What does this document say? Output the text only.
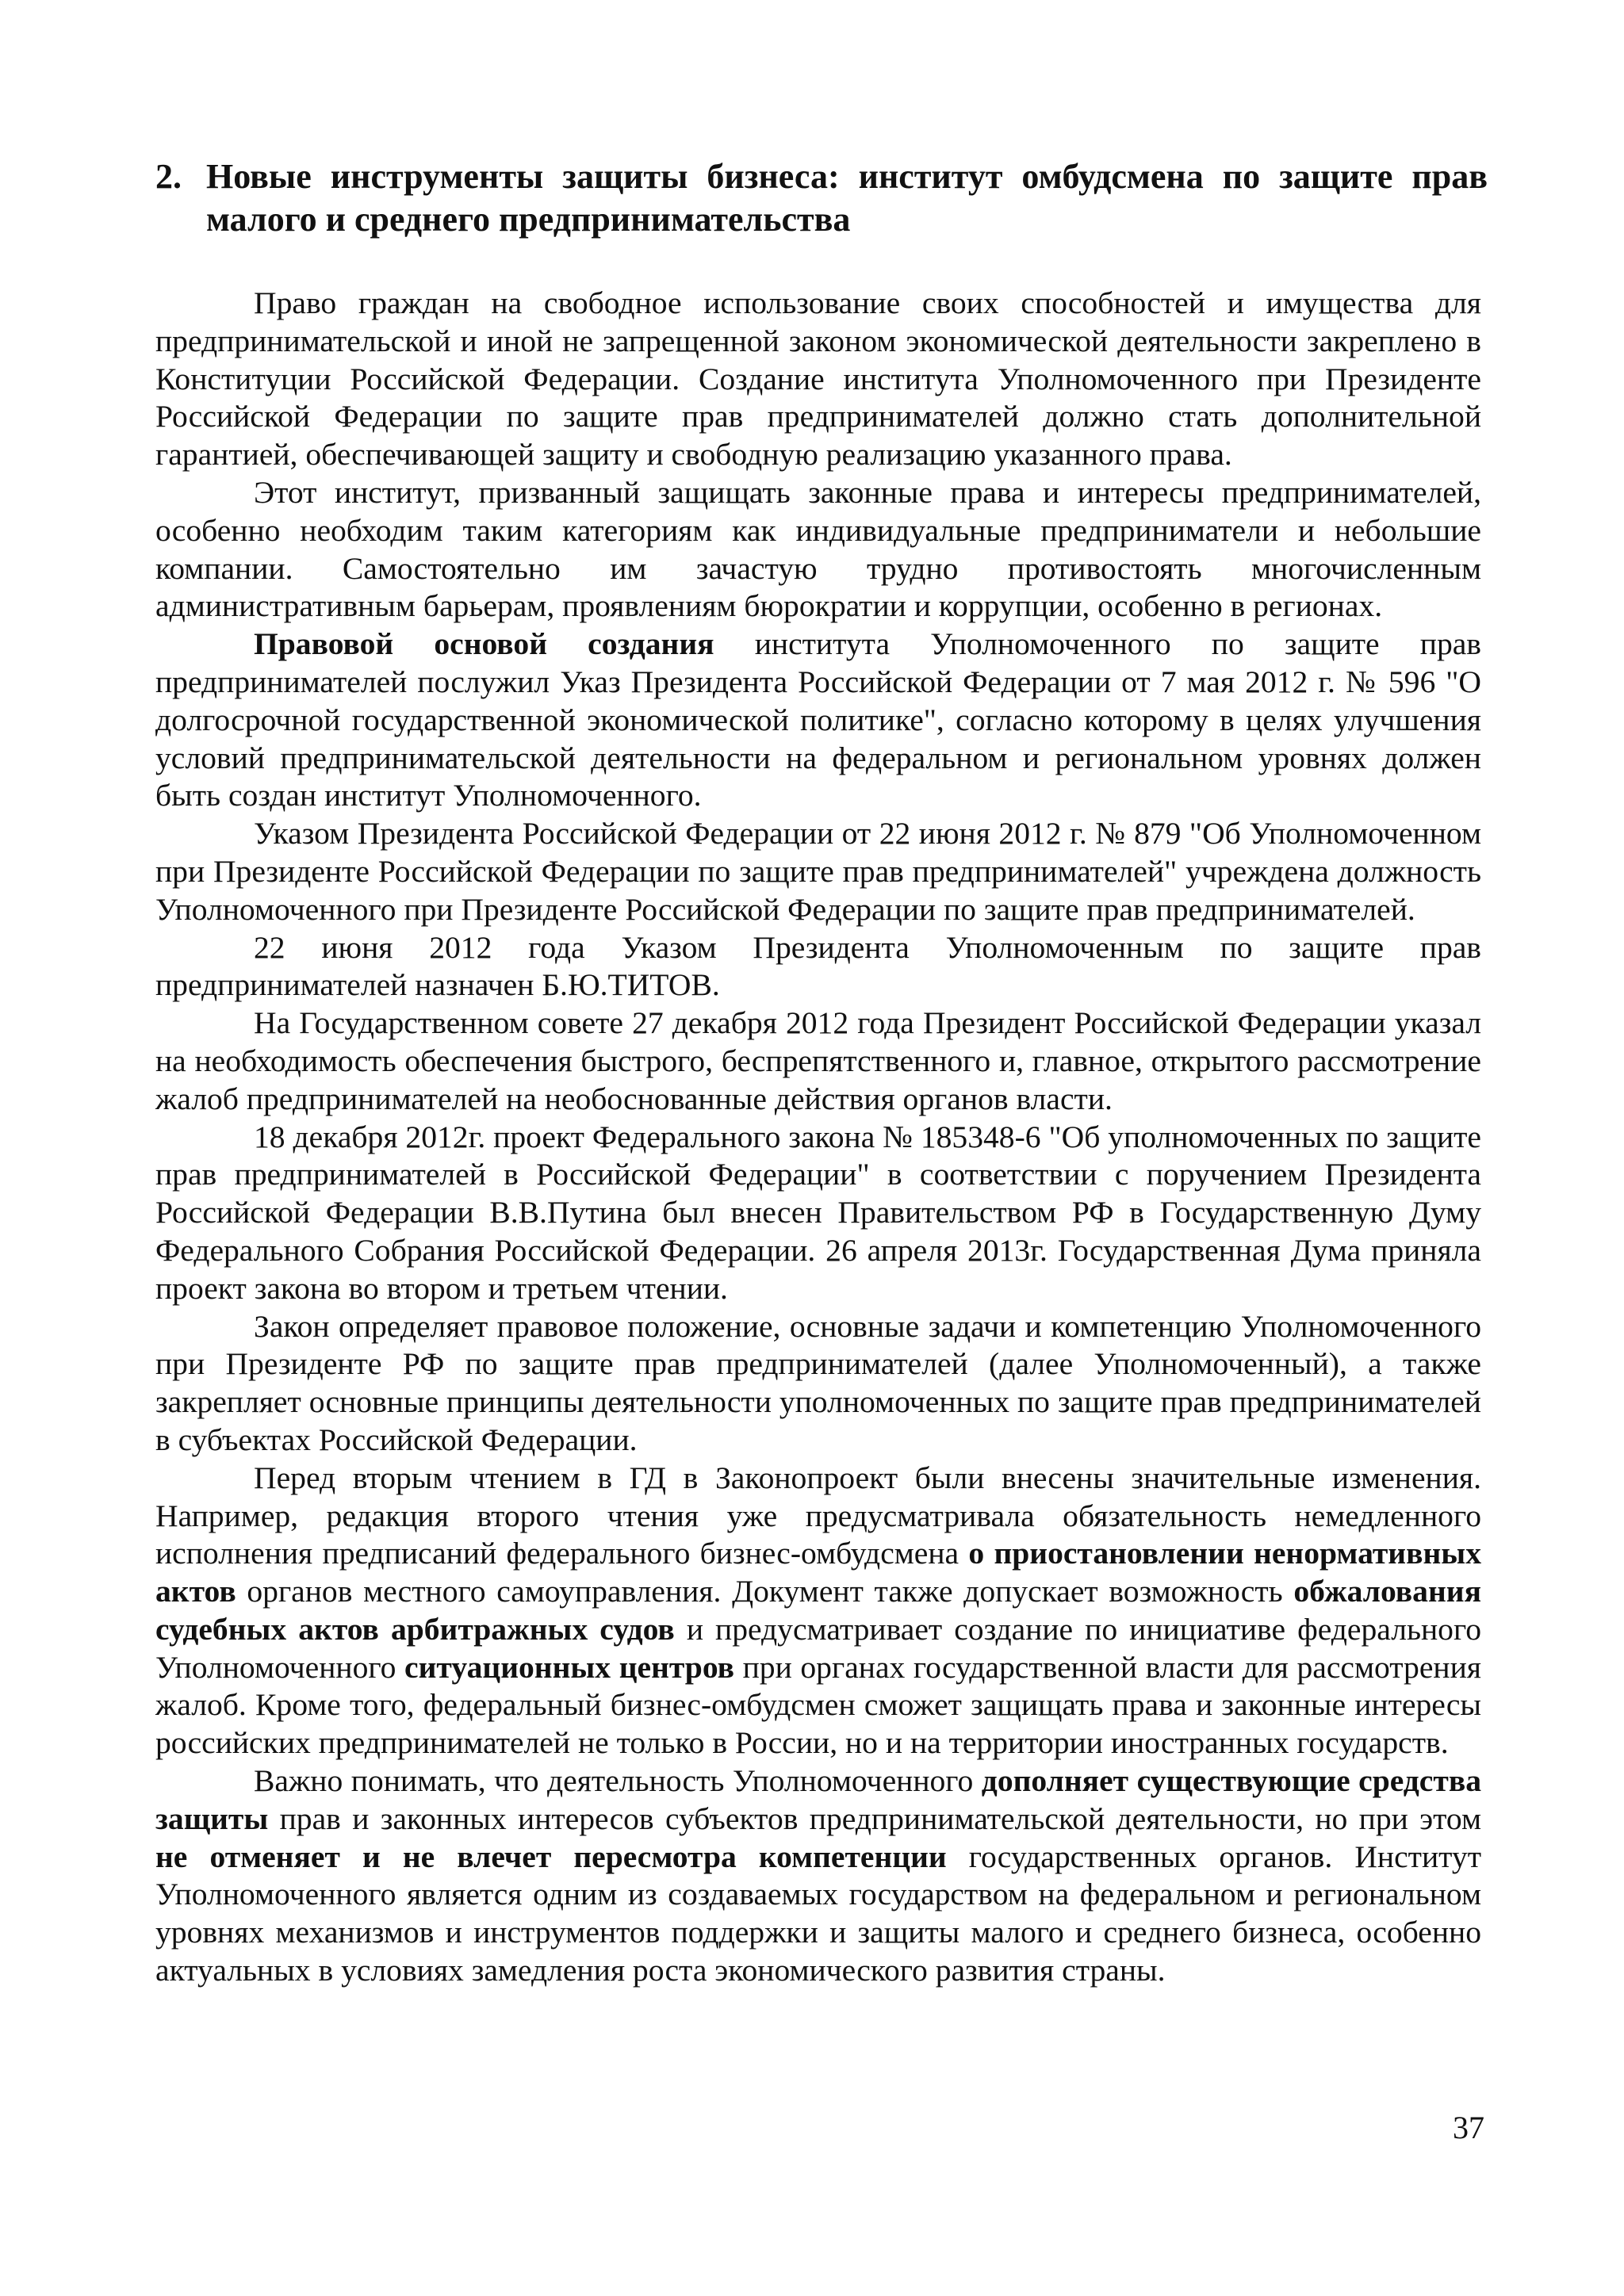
2. Новые инструменты защиты бизнеса: институт омбудсмена по защите прав малого и среднего предпринимательства

Право граждан на свободное использование своих способностей и имущества для предпринимательской и иной не запрещенной законом экономической деятельности закреплено в Конституции Российской Федерации. Создание института Уполномоченного при Президенте Российской Федерации по защите прав предпринимателей должно стать дополнительной гарантией, обеспечивающей защиту и свободную реализацию указанного права.

Этот институт, призванный защищать законные права и интересы предпринимателей, особенно необходим таким категориям как индивидуальные предприниматели и небольшие компании. Самостоятельно им зачастую трудно противостоять многочисленным административным барьерам, проявлениям бюрократии и коррупции, особенно в регионах.

Правовой основой создания института Уполномоченного по защите прав предпринимателей послужил Указ Президента Российской Федерации от 7 мая 2012 г. № 596 "О долгосрочной государственной экономической политике", согласно которому в целях улучшения условий предпринимательской деятельности на федеральном и региональном уровнях должен быть создан институт Уполномоченного.

Указом Президента Российской Федерации от 22 июня 2012 г. № 879 "Об Уполномоченном при Президенте Российской Федерации по защите прав предпринимателей" учреждена должность Уполномоченного при Президенте Российской Федерации по защите прав предпринимателей.

22 июня 2012 года Указом Президента Уполномоченным по защите прав предпринимателей назначен Б.Ю.ТИТОВ.

На Государственном совете 27 декабря 2012 года Президент Российской Федерации указал на необходимость обеспечения быстрого, беспрепятственного и, главное, открытого рассмотрение жалоб предпринимателей на необоснованные действия органов власти.

18 декабря 2012г. проект Федерального закона № 185348-6 "Об уполномоченных по защите прав предпринимателей в Российской Федерации" в соответствии с поручением Президента Российской Федерации В.В.Путина был внесен Правительством РФ в Государственную Думу Федерального Собрания Российской Федерации. 26 апреля 2013г. Государственная Дума приняла проект закона во втором и третьем чтении.

Закон определяет правовое положение, основные задачи и компетенцию Уполномоченного при Президенте РФ по защите прав предпринимателей (далее Уполномоченный), а также закрепляет основные принципы деятельности уполномоченных по защите прав предпринимателей в субъектах Российской Федерации.

Перед вторым чтением в ГД в Законопроект были внесены значительные изменения. Например, редакция второго чтения уже предусматривала обязательность немедленного исполнения предписаний федерального бизнес-омбудсмена о приостановлении ненормативных актов органов местного самоуправления. Документ также допускает возможность обжалования судебных актов арбитражных судов и предусматривает создание по инициативе федерального Уполномоченного ситуационных центров при органах государственной власти для рассмотрения жалоб. Кроме того, федеральный бизнес-омбудсмен сможет защищать права и законные интересы российских предпринимателей не только в России, но и на территории иностранных государств.

Важно понимать, что деятельность Уполномоченного дополняет существующие средства защиты прав и законных интересов субъектов предпринимательской деятельности, но при этом не отменяет и не влечет пересмотра компетенции государственных органов. Институт Уполномоченного является одним из создаваемых государством на федеральном и региональном уровнях механизмов и инструментов поддержки и защиты малого и среднего бизнеса, особенно актуальных в условиях замедления роста экономического развития страны.

37
